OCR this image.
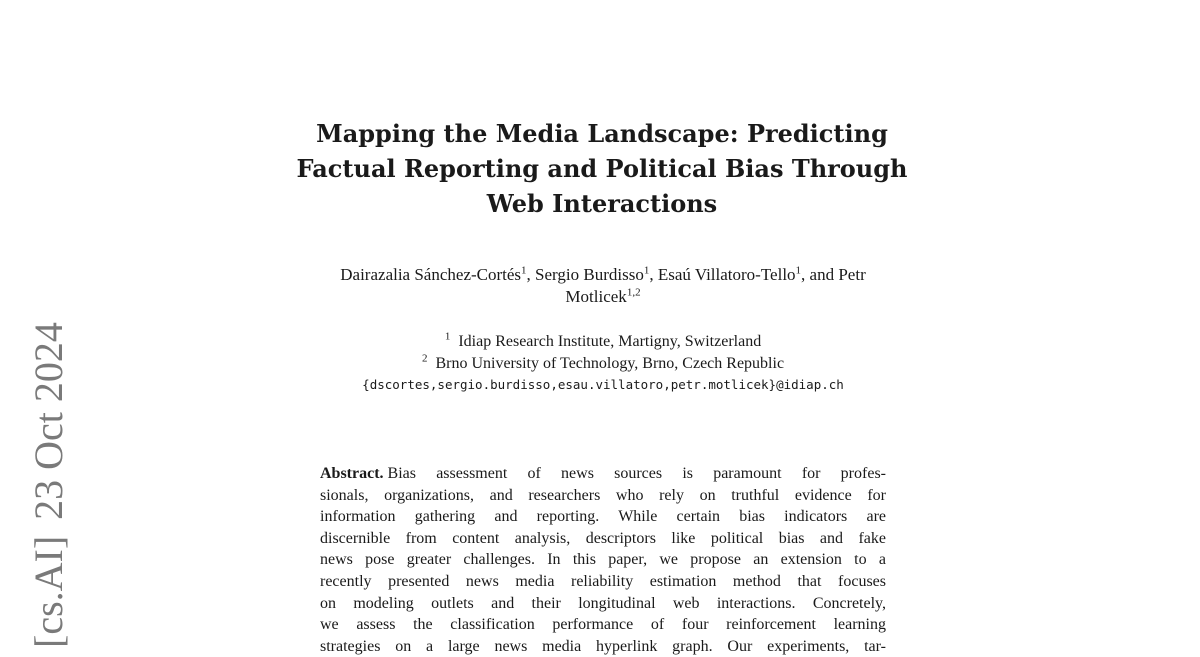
[cs.AI]23 Oct 2024
Mapping the Media Landscape: Predicting
Factual Reporting and Political Bias Through
Web Interactions
Dairazalia Sánchez-Cortés$^1$, Sergio Burdisso$^1$, Esaú Villatoro-Tello$^1$, and Petr
Motlicek$^{1,2}$
$^1$ Idiap Research Institute, Martigny, Switzerland
$^2$ Brno University of Technology, Brno, Czech Republic
{dscortes,sergio.burdisso,esau.villatoro,petr.motlicek}@idiap.ch
Abstract. Bias assessment of news sources is paramount for profes-
sionals, organizations, and researchers who rely on truthful evidence for
information gathering and reporting. While certain bias indicators are
discernible from content analysis, descriptors like political bias and fake
news pose greater challenges. In this paper, we propose an extension to a
recently presented news media reliability estimation method that focuses
on modeling outlets and their longitudinal web interactions. Concretely,
we assess the classification performance of four reinforcement learning
strategies on a large news media hyperlink graph. Our experiments, tar-
